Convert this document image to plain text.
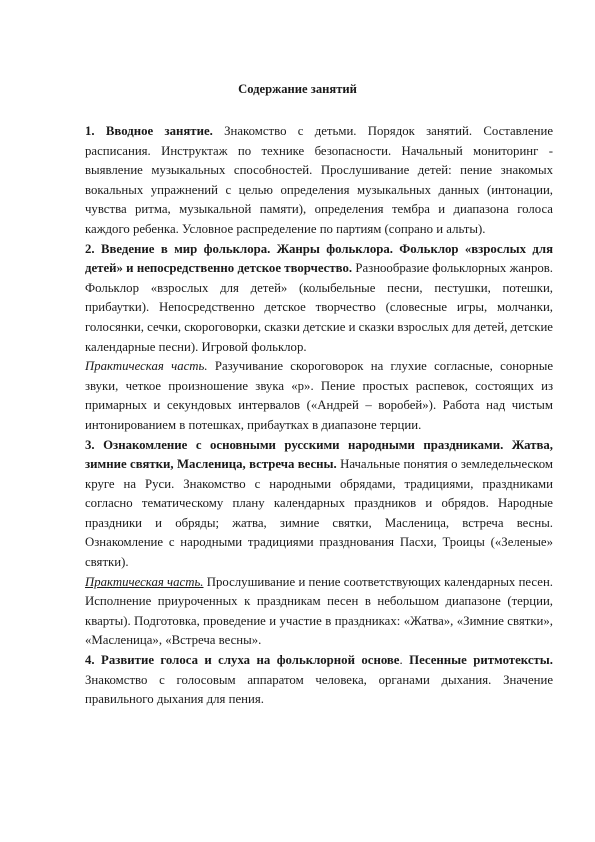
Содержание занятий

1. Вводное занятие. Знакомство с детьми. Порядок занятий. Составление расписания. Инструктаж по технике безопасности. Начальный мониторинг - выявление музыкальных способностей. Прослушивание детей: пение знакомых вокальных упражнений с целью определения музыкальных данных (интонации, чувства ритма, музыкальной памяти), определения тембра и диапазона голоса каждого ребенка. Условное распределение по партиям (сопрано и альты).

2. Введение в мир фольклора. Жанры фольклора. Фольклор «взрослых для детей» и непосредственно детское творчество. Разнообразие фольклорных жанров. Фольклор «взрослых для детей» (колыбельные песни, пестушки, потешки, прибаутки). Непосредственно детское творчество (словесные игры, молчанки, голосянки, сечки, скороговорки, сказки детские и сказки взрослых для детей, детские календарные песни). Игровой фольклор.

Практическая часть. Разучивание скороговорок на глухие согласные, сонорные звуки, четкое произношение звука «р». Пение простых распевок, состоящих из примарных и секундовых интервалов («Андрей – воробей»). Работа над чистым интонированием в потешках, прибаутках в диапазоне терции.

3. Ознакомление с основными русскими народными праздниками. Жатва, зимние святки, Масленица, встреча весны. Начальные понятия о земледельческом круге на Руси. Знакомство с народными обрядами, традициями, праздниками согласно тематическому плану календарных праздников и обрядов. Народные праздники и обряды; жатва, зимние святки, Масленица, встреча весны. Ознакомление с народными традициями празднования Пасхи, Троицы («Зеленые» святки).

Практическая часть. Прослушивание и пение соответствующих календарных песен. Исполнение приуроченных к праздникам песен в небольшом диапазоне (терции, кварты). Подготовка, проведение и участие в праздниках: «Жатва», «Зимние святки», «Масленица», «Встреча весны».

4. Развитие голоса и слуха на фольклорной основе. Песенные ритмотексты. Знакомство с голосовым аппаратом человека, органами дыхания. Значение правильного дыхания для пения.
